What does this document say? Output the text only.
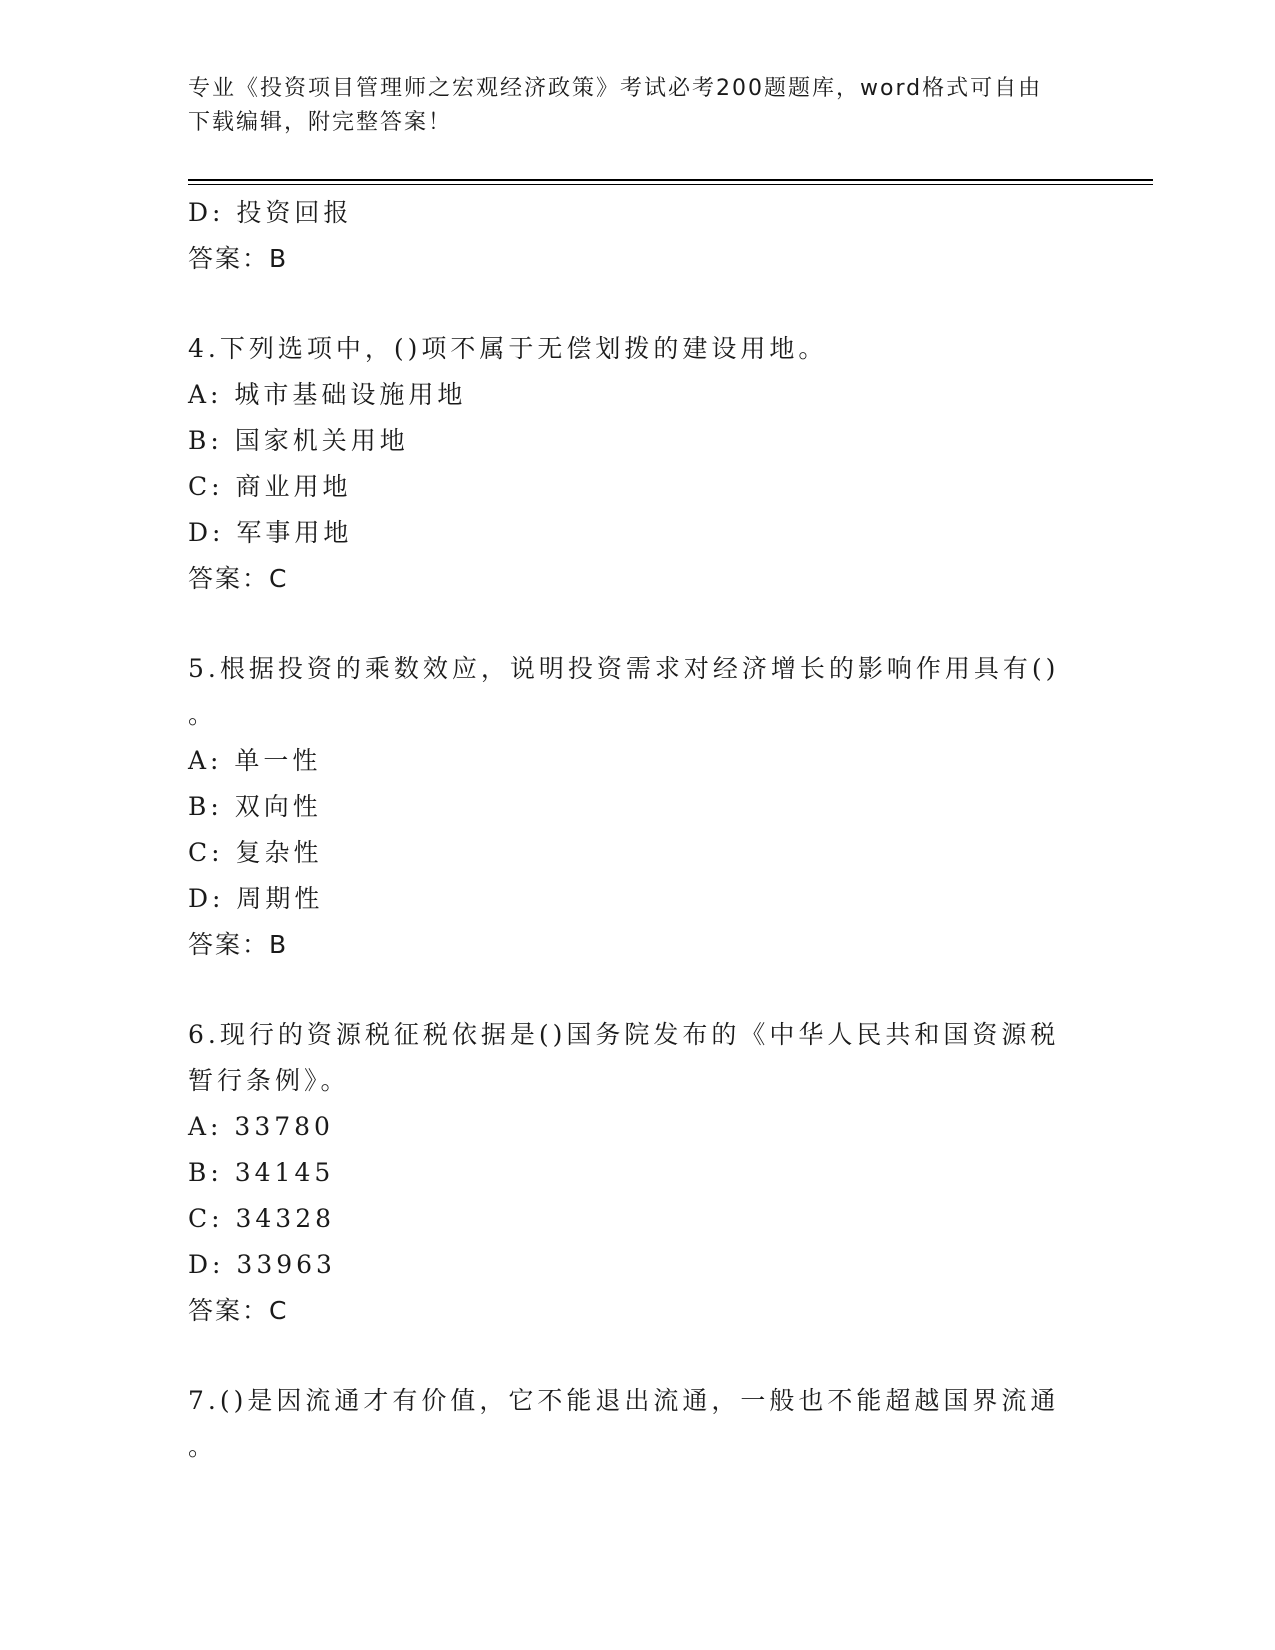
专业《投资项目管理师之宏观经济政策》考试必考200题题库，word格式可自由
下载编辑，附完整答案！
D: 投资回报
答案：B
4.下列选项中，()项不属于无偿划拨的建设用地。
A: 城市基础设施用地
B: 国家机关用地
C: 商业用地
D: 军事用地
答案：C
5.根据投资的乘数效应，说明投资需求对经济增长的影响作用具有()
。
A: 单一性
B: 双向性
C: 复杂性
D: 周期性
答案：B
6.现行的资源税征税依据是()国务院发布的《中华人民共和国资源税
暂行条例》。
A: 33780
B: 34145
C: 34328
D: 33963
答案：C
7.()是因流通才有价值，它不能退出流通，一般也不能超越国界流通
。
